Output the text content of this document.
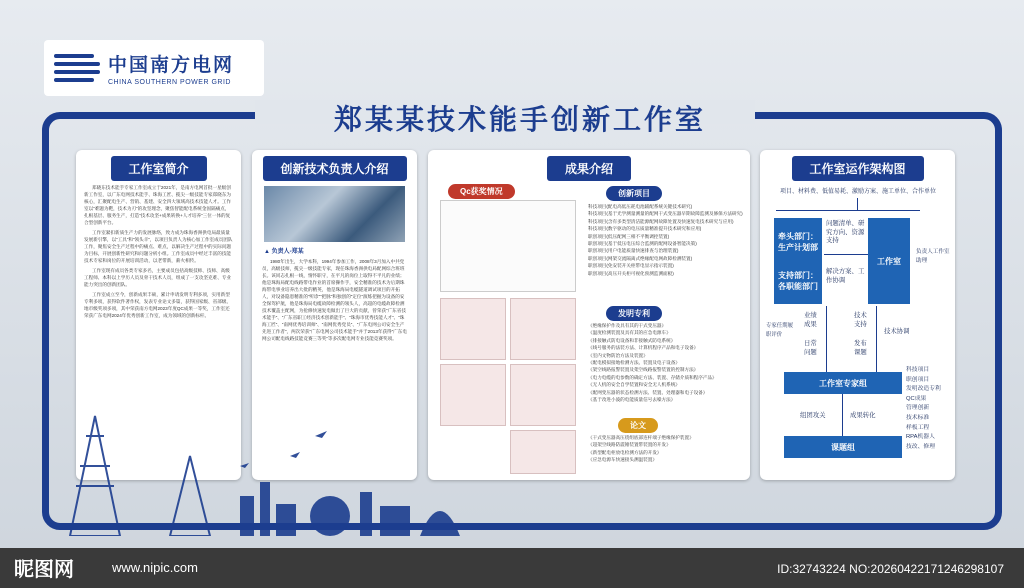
中国南方电网
CHINA SOUTHERN POWER GRID
郑某某技术能手创新工作室
工作室简介

郑晓东技术能手专家工作室成立于2021年，是南方电网首批一星级创新工作室，以广东电网技术能手、珠海工匠、揽尖一级技能专家郑晓东为核心，汇聚配电生产、营销、基建、安全四大领域高技术技能人才。工作室以“难题为靶，技术为刃”的攻坚理念，聚焦智能配电系统金固隔痛点，扎根基层、服务生产，打造“技术攻坚+成果转换+人才培养”三位一体的复合型创新平台。

工作室紧扣新质生产力的发展脉络，致力成为珠海香洲供电局最质量发展新引擎，以“工具”和“领头羊”，以项目负责人为核心加工作室成员团队工作，聚焦安全生产过程中的痛点、难点，以解决生产过程中的实际问题为目标，开展创新性研究和问题分析小组。工作室成员中经过丰富的技能技术专家和岗位的开展培训活动，以老带新，薪火相传。

工作室现有成员各类专家多名，主要成员包括高级技师、技师、高级工程师、本科以上学历人员及骨干技术人员，组成了一支攻坚克难、专业能力突出的创新团队。

工作室成立至今，创新成果丰硕，累计申请发明专利多项，实用新型专利多项，获得软件著作权，发表专业论文多篇，获得国家级、省部级、地市级奖项多项，其中荣获南方电网2023年度QC成果一等奖，工作室还荣获广东电网2024年优秀创新工作室，成为领域的创新标杆。

创新技术负责人介绍
▲ 负责人-郑某

1980年出生，大学本科，1994年参加工作，2008年3月加入中共党员，高级技师，揽尖一级技能专家，现任珠海香洲供电局配网综合班班长。该同志扎根一线，情怀职守，在平凡的岗位上取得不平凡的业绩；他是珠海局配电线路带电作业的首席操作手，安全精准的技术为后期珠海带电事业培养出大批的精英，他是珠海局电缆隧道调试项目的开拓人，对设备隐患精准的“听诊”“把脉”和独创的“定位”演练把握为设备的安全保驾护航，他是珠海局电缆故障检测的领头人，高超的电缆故障检测技术覆盖主配网，为抢修快速复电做出了巨大的贡献，曾荣获“广东省技术能手”、“广东省职工经济技术创新能手”、“珠海市优秀技能人才”、“珠海工匠”、“南网优秀培训师”、“南网优秀党员”、“广东电网公司安全生产先进工作者”，两次荣获“广东电网公司技术能手”并于2013年获得“广东电网公司配电线路技能竞赛三等奖”等多次配电网专业技能竞赛奖项。

成果介绍
Qc获奖情况	创新项目
科技项目(配电高低压耗电池辅配系统关键技术研究)
科技项目(基于光学测量测量的配网干式变压器早期故障监测及修保方法研究)
科技项目(含有多类型清洁能源配网故障处置及快速复电技术研究与应用)
科技项目(数字驱动的电压质量精准提升技术研究和应用)
职创项目(低压配网三相不平衡调控装置)
职创项目(基于低压电压综合监测的配网设备智能决策)
职创项目(用户电能质量快速排查与治理装置)
职创项目(网架交流隔离式绝缘配电网故障检测装置)
职创项目(免安装开关柜带电显示指示装置)
职创项目(高压开关柜可视化预测监测面板)
发明专利
《绝缘保护作及具有其的干式变压器》
《温度检测装置及具有其的应急电源车》
《排接触式防电设备和非接触式防电系统》
《线号服务的法装方法、计算机程序产品和电子设备》
《室内文物防治方法及装置》
《配电模拟接地检测方法、装置及电子设备》
《架空线路报警装置及架空线路报警装置的控制方法》
《电力电缆的电参数的确定方法、装置、存储介质和程序产品》
《无人机的安全自学装置和安全无人机系统》
《配网变压器的状态检测方法、装置、处理器和电子设备》
《基于改进小波的电能质量信号去噪方法》
论文
《干式变压器高压绕组底部连杆端子绝缘保护装置》
《超架空线路防震锤装置带装置的开发》
《新型配电柜放电检测方法的开发》
《应急电源车快速接头测温装置》
工作室运作架构图
项目、材料费、低值易耗、激励方案、施工单位、合作单位
牵头部门：生产计划部
支持部门：各职能部门
问题清单、研究方向、资源支持
解决方案、工作协调
工作室
负责人工作室助理
专家任期履职评价
业绩成果
日常问题
技术支持
发布课题
技术协调
工作室专家组
组团攻关	成果转化
课题组
科技项目
职创项目
发明改造专利
QC成果
管理创新
技术标准
样板工程
RPA机器人
技改、修理
昵图网	www.nipic.com	ID:32743224 NO:20260422171246298107
